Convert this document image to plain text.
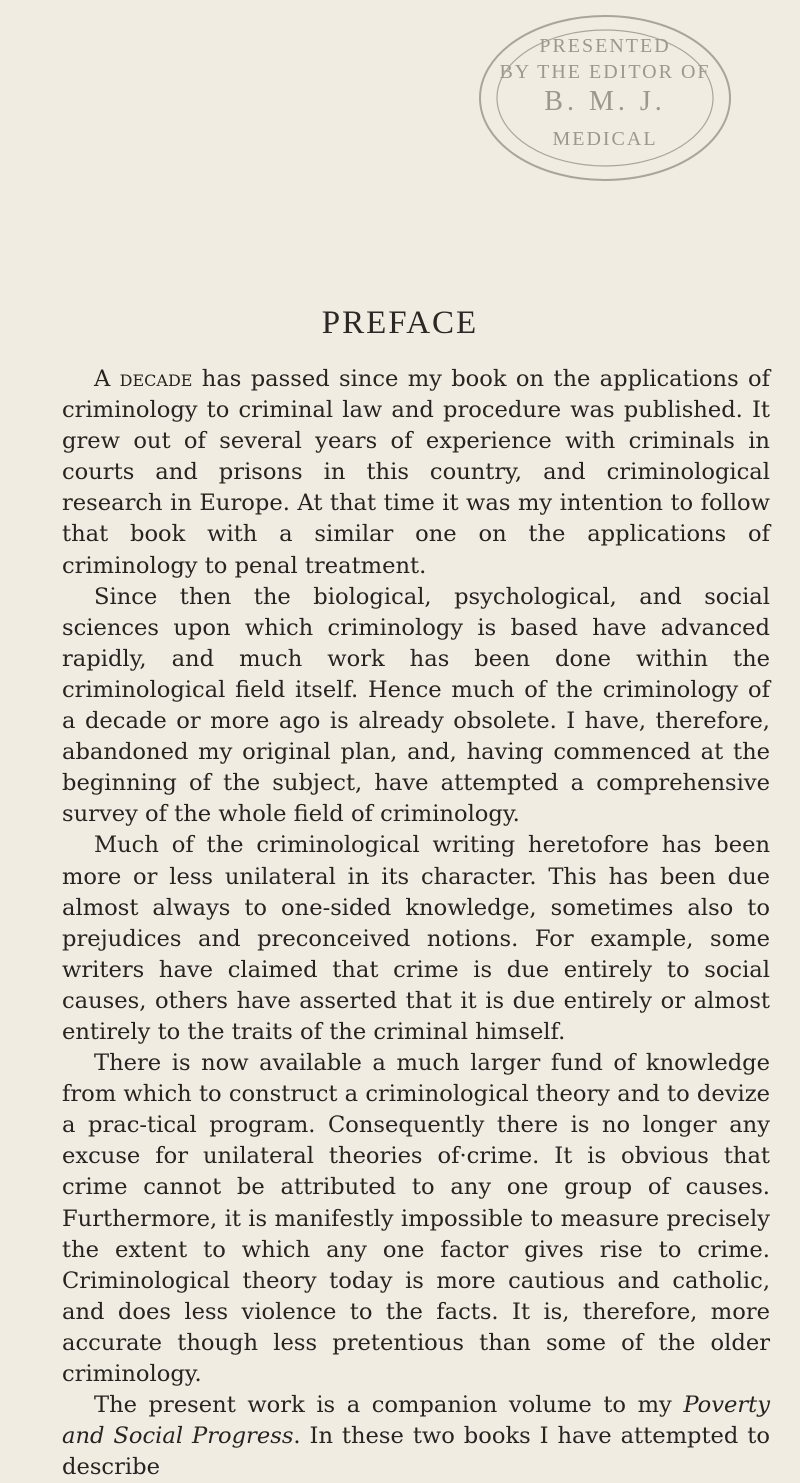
PRESENTED
BY THE EDITOR OF
B. M. J.
MEDICAL
PREFACE

A decade has passed since my book on the applications of criminology to criminal law and procedure was published. It grew out of several years of experience with criminals in courts and prisons in this country, and criminological research in Europe. At that time it was my intention to follow that book with a similar one on the applications of criminology to penal treatment.

Since then the biological, psychological, and social sciences upon which criminology is based have advanced rapidly, and much work has been done within the criminological field itself. Hence much of the criminology of a decade or more ago is already obsolete. I have, therefore, abandoned my original plan, and, having commenced at the beginning of the subject, have attempted a comprehensive survey of the whole field of criminology.

Much of the criminological writing heretofore has been more or less unilateral in its character. This has been due almost always to one-sided knowledge, sometimes also to prejudices and preconceived notions. For example, some writers have claimed that crime is due entirely to social causes, others have asserted that it is due entirely or almost entirely to the traits of the criminal himself.

There is now available a much larger fund of knowledge from which to construct a criminological theory and to devize a prac-tical program. Consequently there is no longer any excuse for unilateral theories of·crime. It is obvious that crime cannot be attributed to any one group of causes. Furthermore, it is manifestly impossible to measure precisely the extent to which any one factor gives rise to crime. Criminological theory today is more cautious and catholic, and does less violence to the facts. It is, therefore, more accurate though less pretentious than some of the older criminology.

The present work is a companion volume to my Poverty and Social Progress. In these two books I have attempted to describe
